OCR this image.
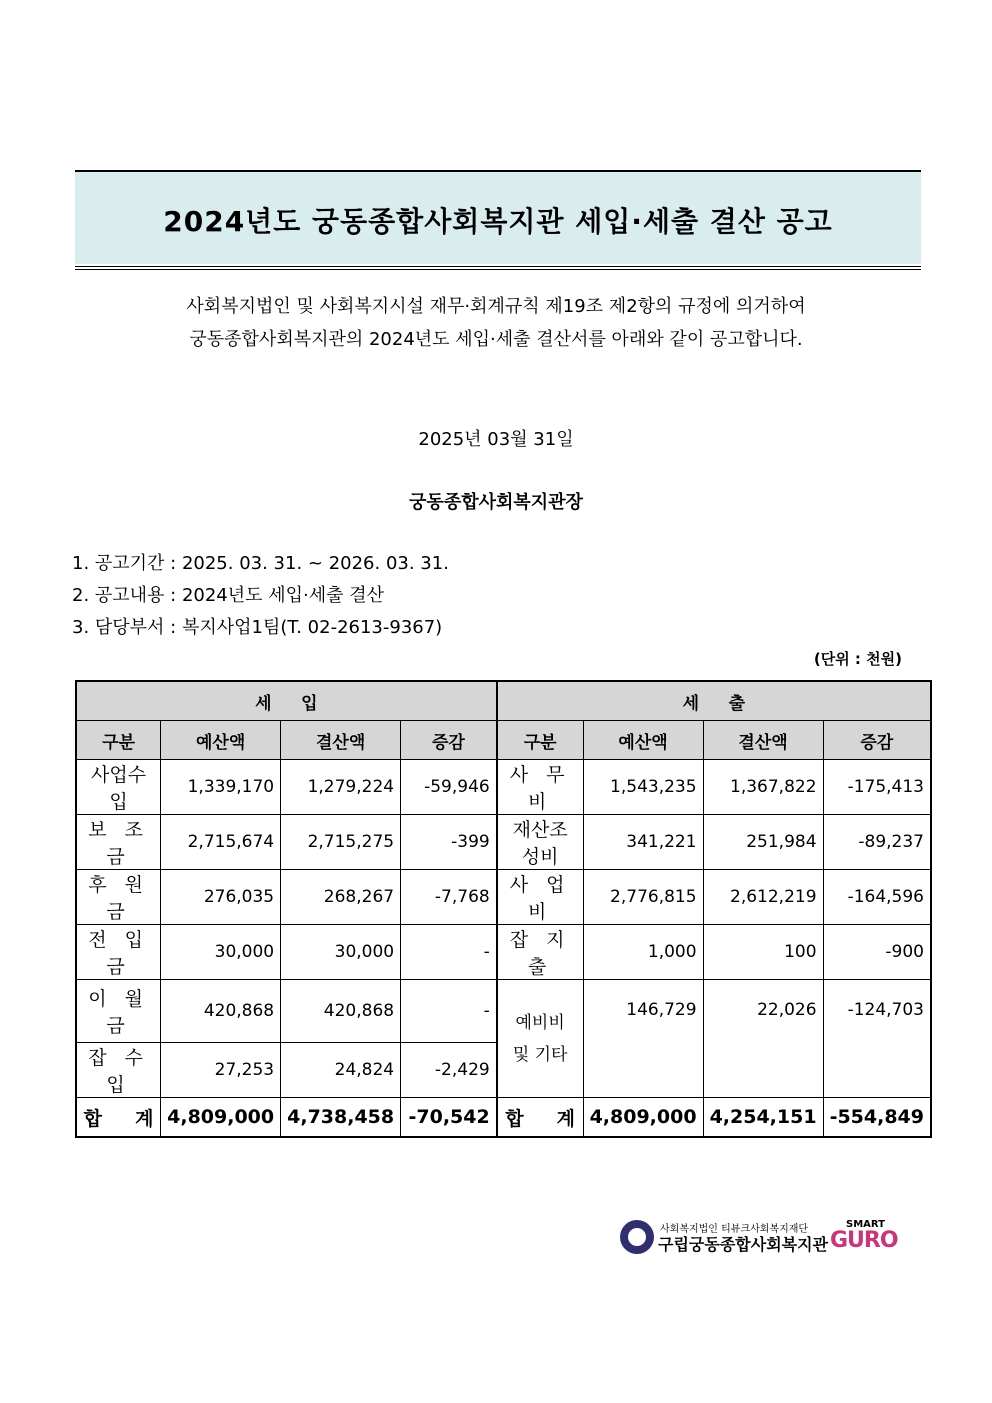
2024년도 궁동종합사회복지관 세입·세출 결산 공고
사회복지법인 및 사회복지시설 재무·회계규칙 제19조 제2항의 규정에 의거하여
궁동종합사회복지관의 2024년도 세입·세출 결산서를 아래와 같이 공고합니다.
2025년 03월 31일
궁동종합사회복지관장
1. 공고기간 : 2025. 03. 31. ~ 2026. 03. 31.
2. 공고내용 : 2024년도 세입·세출 결산
3. 담당부서 : 복지사업1팀(T. 02-2613-9367)
(단위 : 천원)
세     입				세     출			
구분	예산액	결산액	증감	구분	예산액	결산액	증감
사업수입	1,339,170	1,279,224	-59,946	사 무 비	1,543,235	1,367,822	-175,413
보 조 금	2,715,674	2,715,275	-399	재산조성비	341,221	251,984	-89,237
후 원 금	276,035	268,267	-7,768	사 업 비	2,776,815	2,612,219	-164,596
전 입 금	30,000	30,000	-	잡 지 출	1,000	100	-900
이 월 금	420,868	420,868	-	예비비 및 기타	146,729	22,026	-124,703
잡 수 입	27,253	24,824	-2,429				
합     계	4,809,000	4,738,458	-70,542	합     계	4,809,000	4,254,151	-554,849
사회복지법인 티뷰크사회복지재단
구립궁동종합사회복지관
SMART
GURO
